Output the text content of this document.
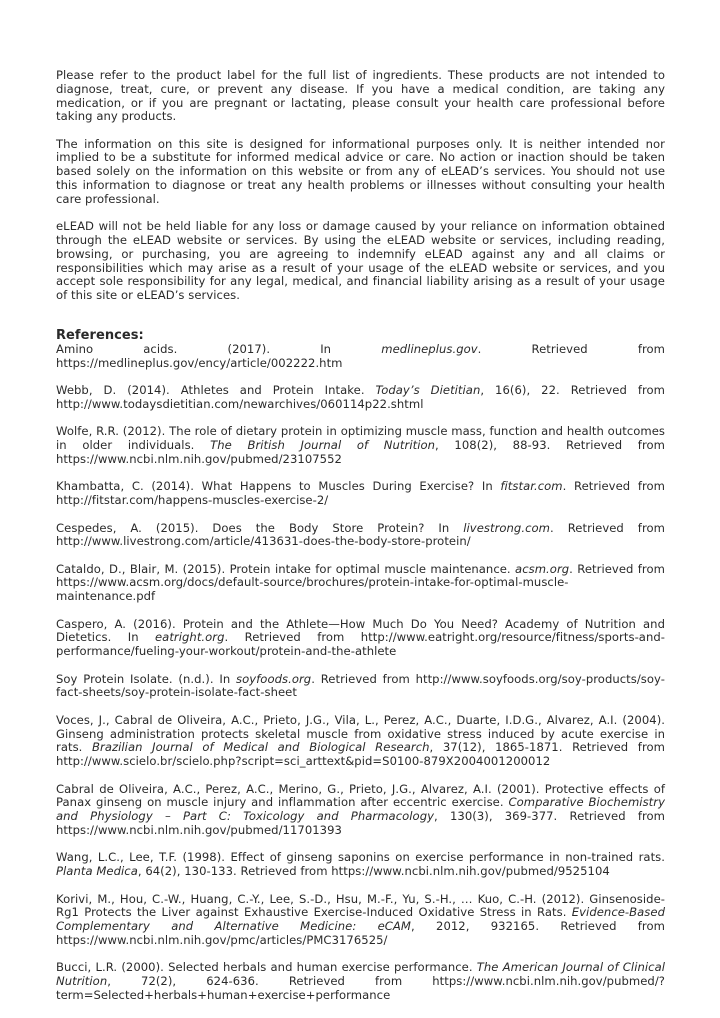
Please refer to the product label for the full list of ingredients. These products are not intended to diagnose, treat, cure, or prevent any disease. If you have a medical condition, are taking any medication, or if you are pregnant or lactating, please consult your health care professional before taking any products.

The information on this site is designed for informational purposes only. It is neither intended nor implied to be a substitute for informed medical advice or care. No action or inaction should be taken based solely on the information on this website or from any of eLEAD’s services. You should not use this information to diagnose or treat any health problems or illnesses without consulting your health care professional.

eLEAD will not be held liable for any loss or damage caused by your reliance on information obtained through the eLEAD website or services. By using the eLEAD website or services, including reading, browsing, or purchasing, you are agreeing to indemnify eLEAD against any and all claims or responsibilities which may arise as a result of your usage of the eLEAD website or services, and you accept sole responsibility for any legal, medical, and financial liability arising as a result of your usage of this site or eLEAD’s services.

References:

Amino acids. (2017). In medlineplus.gov. Retrieved from https://medlineplus.gov/ency/article/002222.htm

Webb, D. (2014). Athletes and Protein Intake. Today’s Dietitian, 16(6), 22. Retrieved from http://www.todaysdietitian.com/newarchives/060114p22.shtml

Wolfe, R.R. (2012). The role of dietary protein in optimizing muscle mass, function and health outcomes in older individuals. The British Journal of Nutrition, 108(2), 88-93. Retrieved from https://www.ncbi.nlm.nih.gov/pubmed/23107552

Khambatta, C. (2014). What Happens to Muscles During Exercise? In fitstar.com. Retrieved from http://fitstar.com/happens-muscles-exercise-2/

Cespedes, A. (2015). Does the Body Store Protein? In livestrong.com. Retrieved from http://www.livestrong.com/article/413631-does-the-body-store-protein/

Cataldo, D., Blair, M. (2015). Protein intake for optimal muscle maintenance. acsm.org. Retrieved from https://www.acsm.org/docs/default-source/brochures/protein-intake-for-optimal-muscle-maintenance.pdf

Caspero, A. (2016). Protein and the Athlete—How Much Do You Need? Academy of Nutrition and Dietetics. In eatright.org. Retrieved from http://www.eatright.org/resource/fitness/sports-and-performance/fueling-your-workout/protein-and-the-athlete

Soy Protein Isolate. (n.d.). In soyfoods.org. Retrieved from http://www.soyfoods.org/soy-products/soy-fact-sheets/soy-protein-isolate-fact-sheet

Voces, J., Cabral de Oliveira, A.C., Prieto, J.G., Vila, L., Perez, A.C., Duarte, I.D.G., Alvarez, A.I. (2004). Ginseng administration protects skeletal muscle from oxidative stress induced by acute exercise in rats. Brazilian Journal of Medical and Biological Research, 37(12), 1865-1871. Retrieved from http://www.scielo.br/scielo.php?script=sci_arttext&pid=S0100-879X2004001200012

Cabral de Oliveira, A.C., Perez, A.C., Merino, G., Prieto, J.G., Alvarez, A.I. (2001). Protective effects of Panax ginseng on muscle injury and inflammation after eccentric exercise. Comparative Biochemistry and Physiology – Part C: Toxicology and Pharmacology, 130(3), 369-377. Retrieved from https://www.ncbi.nlm.nih.gov/pubmed/11701393

Wang, L.C., Lee, T.F. (1998). Effect of ginseng saponins on exercise performance in non-trained rats. Planta Medica, 64(2), 130-133. Retrieved from https://www.ncbi.nlm.nih.gov/pubmed/9525104

Korivi, M., Hou, C.-W., Huang, C.-Y., Lee, S.-D., Hsu, M.-F., Yu, S.-H., … Kuo, C.-H. (2012). Ginsenoside-Rg1 Protects the Liver against Exhaustive Exercise-Induced Oxidative Stress in Rats. Evidence-Based Complementary and Alternative Medicine: eCAM, 2012, 932165. Retrieved from https://www.ncbi.nlm.nih.gov/pmc/articles/PMC3176525/

Bucci, L.R. (2000). Selected herbals and human exercise performance. The American Journal of Clinical Nutrition, 72(2), 624-636. Retrieved from https://www.ncbi.nlm.nih.gov/pubmed/?term=Selected+herbals+human+exercise+performance
